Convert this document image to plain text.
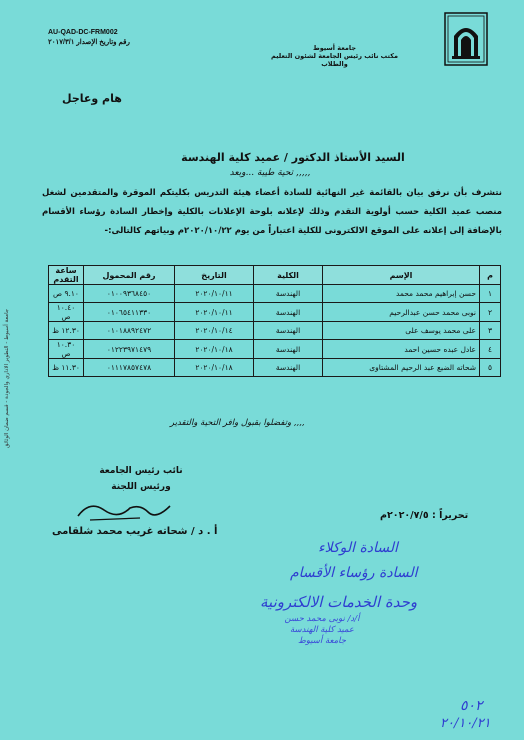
AU-QAD-DC-FRM002
رقم وتاريخ الإصدار ٢٠١٧/٣/١
جامعة أسيوط
مكتب نائب رئيس الجامعة لشئون التعليم والطلاب
هام وعاجل
السيد الأستاذ الدكتور / عميد كلية الهندسة
تحية طيبة ...وبعد ,,,,,
نتشرف بأن نرفق بيان بالقائمة غير النهائية للسادة أعضاء هيئة التدريس بكليتكم الموقرة والمتقدمين لشغل منصب عميد الكلية حسب أولوية التقدم وذلك لإعلانه بلوحة الإعلانات بالكلية وإخطار السادة رؤساء الأقسام بالإضافة إلى إعلانه على الموقع الالكترونى للكلية اعتباراً من يوم ٢٠٢٠/١٠/٢٢م وبياتهم كالتالى:-
م	الإسم	الكلية	التاريخ	رقم المحمول	ساعة التقدم
١	حسن إبراهيم محمد محمد	الهندسة	٢٠٢٠/١٠/١١	٠١٠٠٩٣٦٨٤٥٠	٩.١٠ ص
٢	نوبى محمد حسن عبدالرحيم	الهندسة	٢٠٢٠/١٠/١١	٠١٠٦٥٤١١٣٣٠	١٠.٤٠ ص
٣	على محمد يوسف على	الهندسة	٢٠٢٠/١٠/١٤	٠١٠١٨٨٩٢٤٧٢	١٢.٣٠ ظ
٤	عادل عبده حسين احمد	الهندسة	٢٠٢٠/١٠/١٨	٠١٢٢٣٩٧١٤٧٩	١٠.٣٠ ص
٥	شحاته الضبع عبد الرحيم المشتاوى	الهندسة	٢٠٢٠/١٠/١٨	٠١١١٧٨٥٧٤٧٨	١١.٣٠ ظ
جامعة أسيوط - التطوير الاداري والجودة - قسم ضمان الوثائق	وتفضلوا بقبول وافر التحية والتقدير ,,,,
نائب رئيس الجامعة
ورئيس اللجنة
أ . د / شحاته غريب محمد شلقامى
تحريراً : ٢٠٢٠/٧/٥م
السادة الوكلاء
السادة رؤساء الأقسام
وحدة الخدمات الالكترونية
أ/د/ نوبى محمد حسن
عميد كلية الهندسة
جامعة أسيوط
٥٠٢
٢٠/١٠/٢١
